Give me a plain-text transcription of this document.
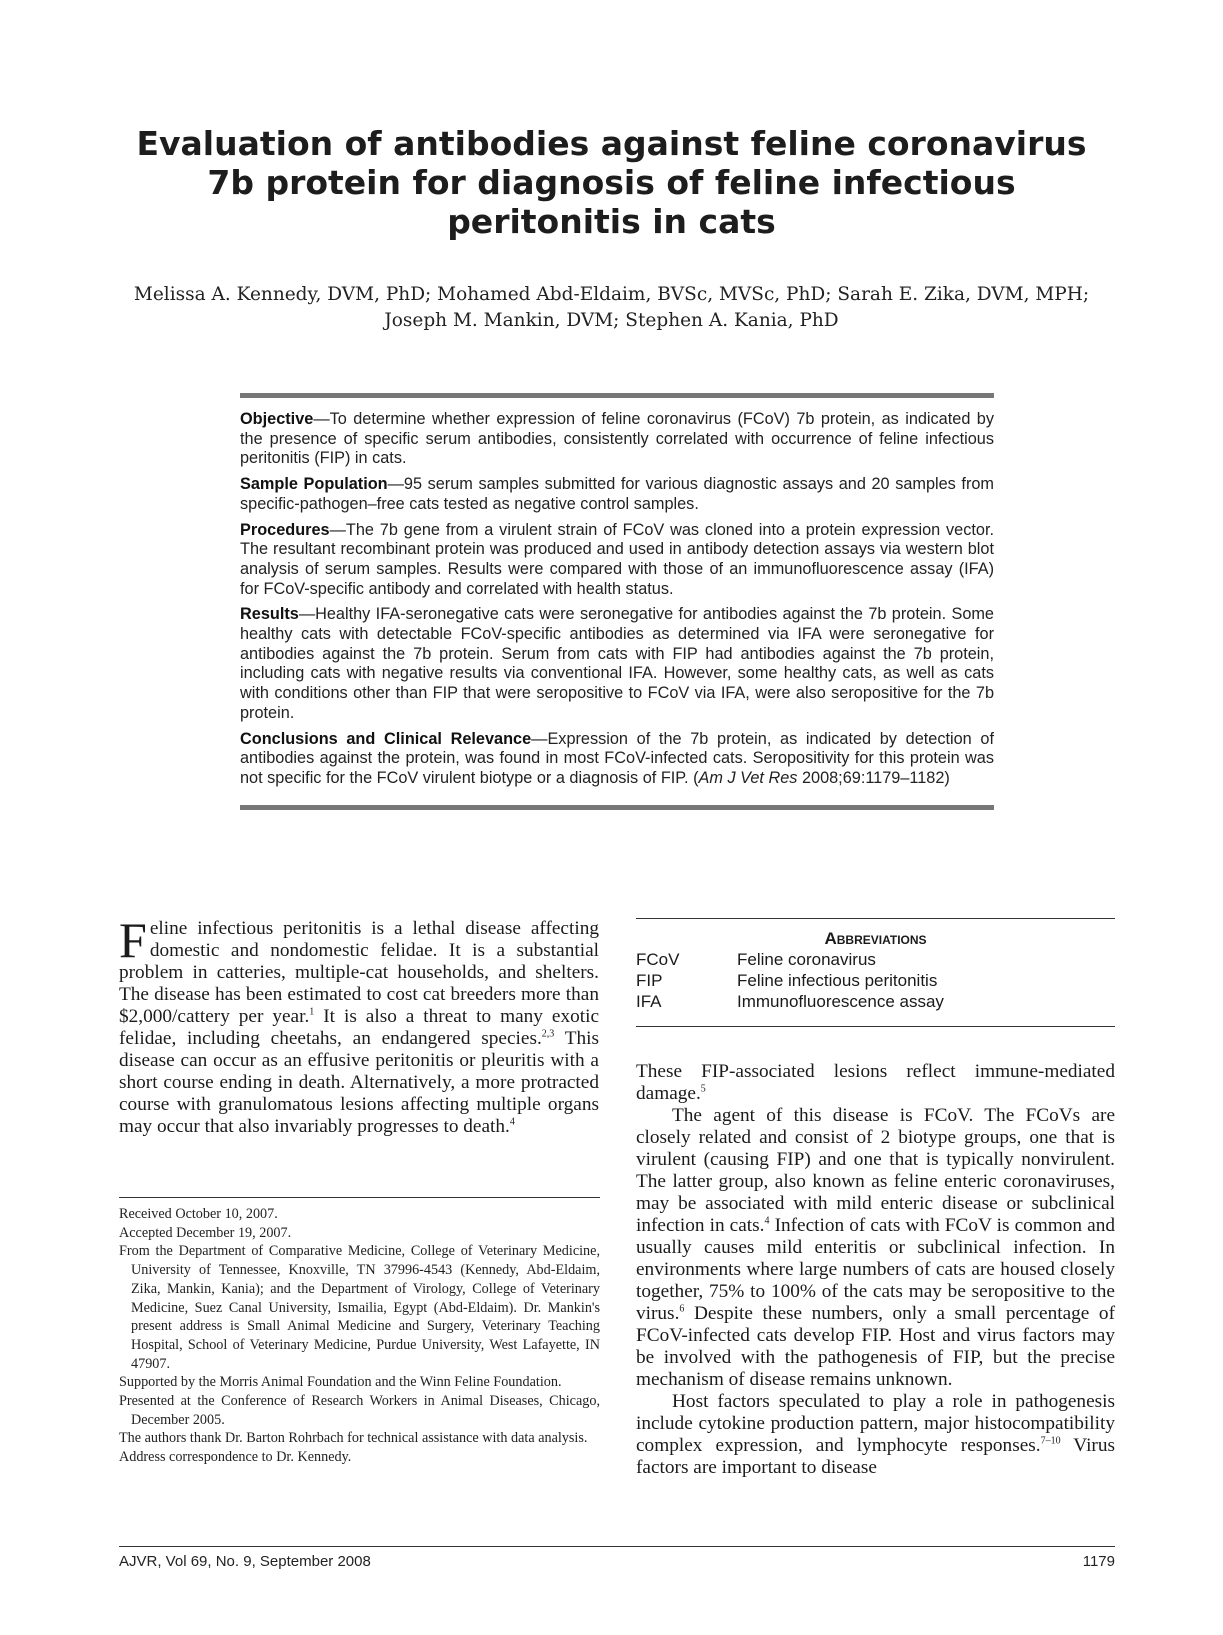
Evaluation of antibodies against feline coronavirus 7b protein for diagnosis of feline infectious peritonitis in cats
Melissa A. Kennedy, DVM, PhD; Mohamed Abd-Eldaim, BVSc, MVSc, PhD; Sarah E. Zika, DVM, MPH; Joseph M. Mankin, DVM; Stephen A. Kania, PhD

Objective—To determine whether expression of feline coronavirus (FCoV) 7b protein, as indicated by the presence of specific serum antibodies, consistently correlated with occurrence of feline infectious peritonitis (FIP) in cats.

Sample Population—95 serum samples submitted for various diagnostic assays and 20 samples from specific-pathogen–free cats tested as negative control samples.

Procedures—The 7b gene from a virulent strain of FCoV was cloned into a protein expression vector. The resultant recombinant protein was produced and used in antibody detection assays via western blot analysis of serum samples. Results were compared with those of an immunofluorescence assay (IFA) for FCoV-specific antibody and correlated with health status.

Results—Healthy IFA-seronegative cats were seronegative for antibodies against the 7b protein. Some healthy cats with detectable FCoV-specific antibodies as determined via IFA were seronegative for antibodies against the 7b protein. Serum from cats with FIP had antibodies against the 7b protein, including cats with negative results via conventional IFA. However, some healthy cats, as well as cats with conditions other than FIP that were seropositive to FCoV via IFA, were also seropositive for the 7b protein.

Conclusions and Clinical Relevance—Expression of the 7b protein, as indicated by detection of antibodies against the protein, was found in most FCoV-infected cats. Seropositivity for this protein was not specific for the FCoV virulent biotype or a diagnosis of FIP. (Am J Vet Res 2008;69:1179–1182)

Feline infectious peritonitis is a lethal disease affecting domestic and nondomestic felidae. It is a substantial problem in catteries, multiple-cat households, and shelters. The disease has been estimated to cost cat breeders more than $2,000/cattery per year.$^1$ It is also a threat to many exotic felidae, including cheetahs, an endangered species.$^{2,3}$ This disease can occur as an effusive peritonitis or pleuritis with a short course ending in death. Alternatively, a more protracted course with granulomatous lesions affecting multiple organs may occur that also invariably progresses to death.$^4$

Received October 10, 2007.

Accepted December 19, 2007.

From the Department of Comparative Medicine, College of Veterinary Medicine, University of Tennessee, Knoxville, TN 37996-4543 (Kennedy, Abd-Eldaim, Zika, Mankin, Kania); and the Department of Virology, College of Veterinary Medicine, Suez Canal University, Ismailia, Egypt (Abd-Eldaim). Dr. Mankin's present address is Small Animal Medicine and Surgery, Veterinary Teaching Hospital, School of Veterinary Medicine, Purdue University, West Lafayette, IN 47907.

Supported by the Morris Animal Foundation and the Winn Feline Foundation.

Presented at the Conference of Research Workers in Animal Diseases, Chicago, December 2005.

The authors thank Dr. Barton Rohrbach for technical assistance with data analysis.

Address correspondence to Dr. Kennedy.

Abbreviations
FCoV	Feline coronavirus
FIP	Feline infectious peritonitis
IFA	Immunofluorescence assay

These FIP-associated lesions reflect immune-mediated damage.$^5$

The agent of this disease is FCoV. The FCoVs are closely related and consist of 2 biotype groups, one that is virulent (causing FIP) and one that is typically nonvirulent. The latter group, also known as feline enteric coronaviruses, may be associated with mild enteric disease or subclinical infection in cats.$^4$ Infection of cats with FCoV is common and usually causes mild enteritis or subclinical infection. In environments where large numbers of cats are housed closely together, 75% to 100% of the cats may be seropositive to the virus.$^6$ Despite these numbers, only a small percentage of FCoV-infected cats develop FIP. Host and virus factors may be involved with the pathogenesis of FIP, but the precise mechanism of disease remains unknown.

Host factors speculated to play a role in pathogenesis include cytokine production pattern, major histocompatibility complex expression, and lymphocyte responses.$^{7-10}$ Virus factors are important to disease

AJVR, Vol 69, No. 9, September 2008	1179
